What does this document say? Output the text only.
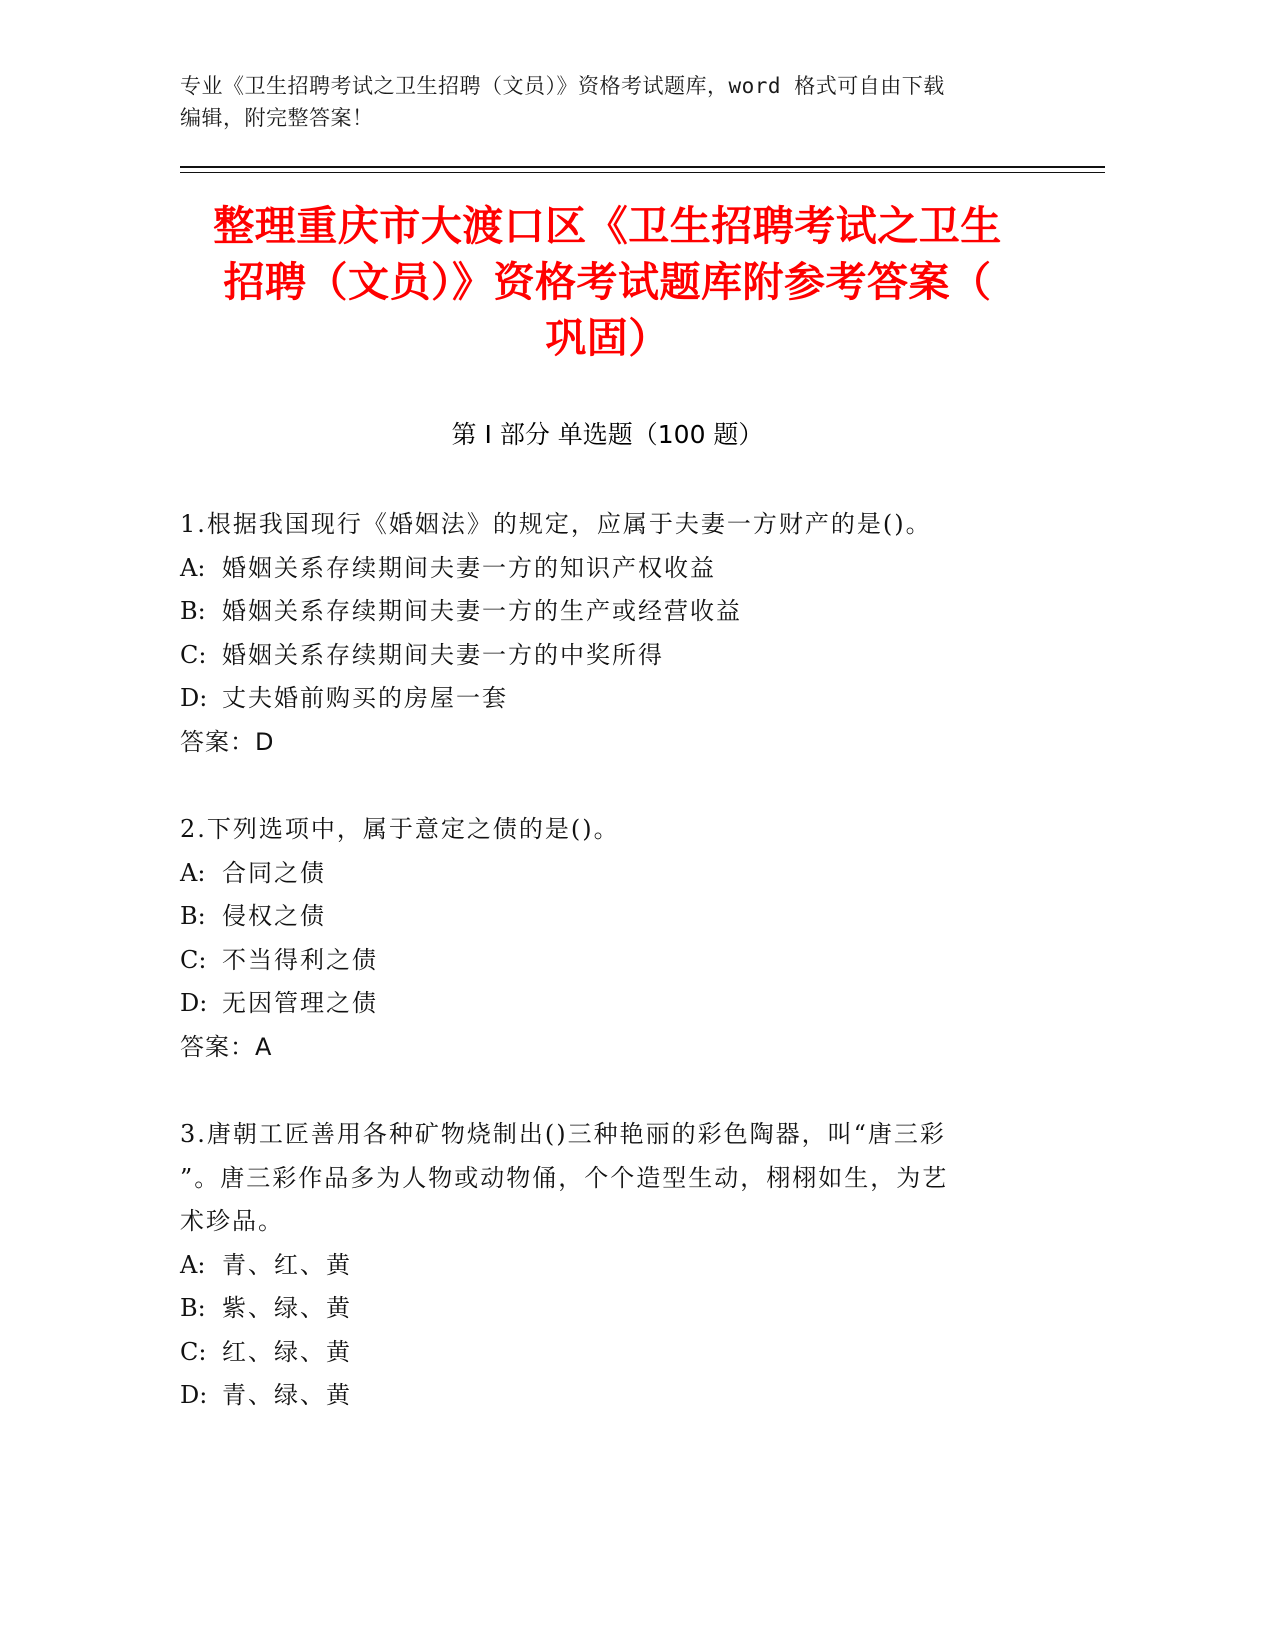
专业《卫生招聘考试之卫生招聘（文员）》资格考试题库，word 格式可自由下载
编辑，附完整答案！
整理重庆市大渡口区《卫生招聘考试之卫生
招聘（文员）》资格考试题库附参考答案（
巩固）
第 I 部分 单选题（100 题）

1.根据我国现行《婚姻法》的规定，应属于夫妻一方财产的是()。

A: 婚姻关系存续期间夫妻一方的知识产权收益

B: 婚姻关系存续期间夫妻一方的生产或经营收益

C: 婚姻关系存续期间夫妻一方的中奖所得

D: 丈夫婚前购买的房屋一套

答案：D

2.下列选项中，属于意定之债的是()。

A: 合同之债

B: 侵权之债

C: 不当得利之债

D: 无因管理之债

答案：A

3.唐朝工匠善用各种矿物烧制出()三种艳丽的彩色陶器，叫“唐三彩

”。唐三彩作品多为人物或动物俑，个个造型生动，栩栩如生，为艺

术珍品。

A: 青、红、黄

B: 紫、绿、黄

C: 红、绿、黄

D: 青、绿、黄
